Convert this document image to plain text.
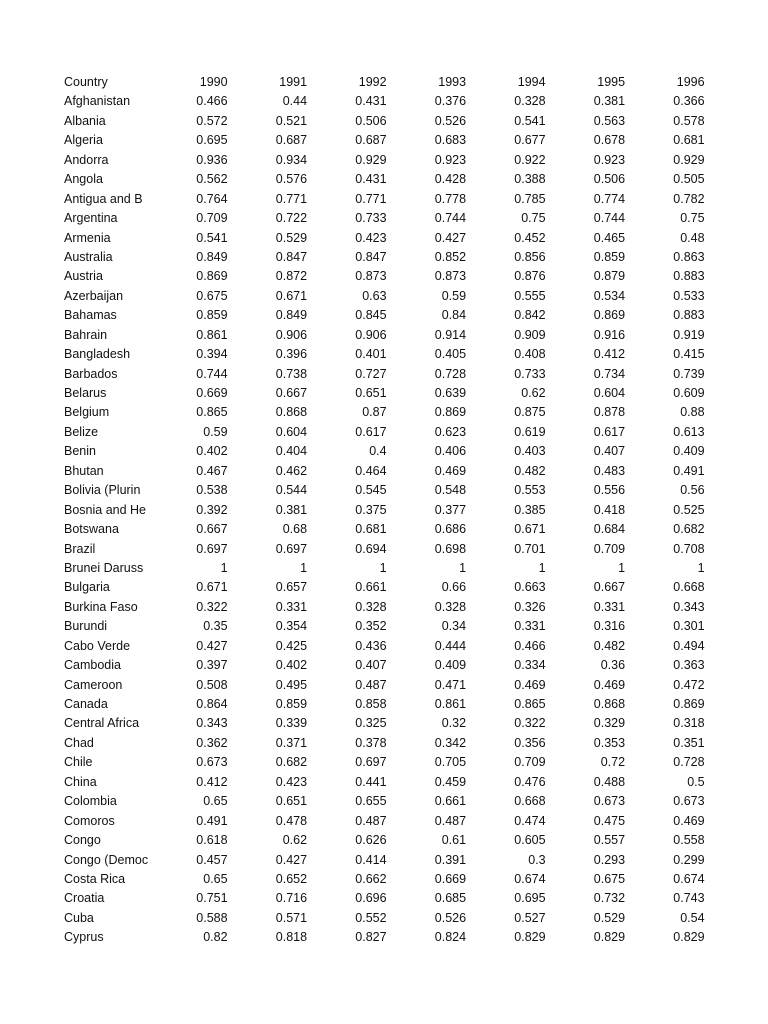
Country	1990	1991	1992	1993	1994	1995	1996
Afghanistan	0.466	0.44	0.431	0.376	0.328	0.381	0.366
Albania	0.572	0.521	0.506	0.526	0.541	0.563	0.578
Algeria	0.695	0.687	0.687	0.683	0.677	0.678	0.681
Andorra	0.936	0.934	0.929	0.923	0.922	0.923	0.929
Angola	0.562	0.576	0.431	0.428	0.388	0.506	0.505
Antigua and B	0.764	0.771	0.771	0.778	0.785	0.774	0.782
Argentina	0.709	0.722	0.733	0.744	0.75	0.744	0.75
Armenia	0.541	0.529	0.423	0.427	0.452	0.465	0.48
Australia	0.849	0.847	0.847	0.852	0.856	0.859	0.863
Austria	0.869	0.872	0.873	0.873	0.876	0.879	0.883
Azerbaijan	0.675	0.671	0.63	0.59	0.555	0.534	0.533
Bahamas	0.859	0.849	0.845	0.84	0.842	0.869	0.883
Bahrain	0.861	0.906	0.906	0.914	0.909	0.916	0.919
Bangladesh	0.394	0.396	0.401	0.405	0.408	0.412	0.415
Barbados	0.744	0.738	0.727	0.728	0.733	0.734	0.739
Belarus	0.669	0.667	0.651	0.639	0.62	0.604	0.609
Belgium	0.865	0.868	0.87	0.869	0.875	0.878	0.88
Belize	0.59	0.604	0.617	0.623	0.619	0.617	0.613
Benin	0.402	0.404	0.4	0.406	0.403	0.407	0.409
Bhutan	0.467	0.462	0.464	0.469	0.482	0.483	0.491
Bolivia (Plurin	0.538	0.544	0.545	0.548	0.553	0.556	0.56
Bosnia and He	0.392	0.381	0.375	0.377	0.385	0.418	0.525
Botswana	0.667	0.68	0.681	0.686	0.671	0.684	0.682
Brazil	0.697	0.697	0.694	0.698	0.701	0.709	0.708
Brunei Daruss	1	1	1	1	1	1	1
Bulgaria	0.671	0.657	0.661	0.66	0.663	0.667	0.668
Burkina Faso	0.322	0.331	0.328	0.328	0.326	0.331	0.343
Burundi	0.35	0.354	0.352	0.34	0.331	0.316	0.301
Cabo Verde	0.427	0.425	0.436	0.444	0.466	0.482	0.494
Cambodia	0.397	0.402	0.407	0.409	0.334	0.36	0.363
Cameroon	0.508	0.495	0.487	0.471	0.469	0.469	0.472
Canada	0.864	0.859	0.858	0.861	0.865	0.868	0.869
Central Africa	0.343	0.339	0.325	0.32	0.322	0.329	0.318
Chad	0.362	0.371	0.378	0.342	0.356	0.353	0.351
Chile	0.673	0.682	0.697	0.705	0.709	0.72	0.728
China	0.412	0.423	0.441	0.459	0.476	0.488	0.5
Colombia	0.65	0.651	0.655	0.661	0.668	0.673	0.673
Comoros	0.491	0.478	0.487	0.487	0.474	0.475	0.469
Congo	0.618	0.62	0.626	0.61	0.605	0.557	0.558
Congo (Democ	0.457	0.427	0.414	0.391	0.3	0.293	0.299
Costa Rica	0.65	0.652	0.662	0.669	0.674	0.675	0.674
Croatia	0.751	0.716	0.696	0.685	0.695	0.732	0.743
Cuba	0.588	0.571	0.552	0.526	0.527	0.529	0.54
Cyprus	0.82	0.818	0.827	0.824	0.829	0.829	0.829
